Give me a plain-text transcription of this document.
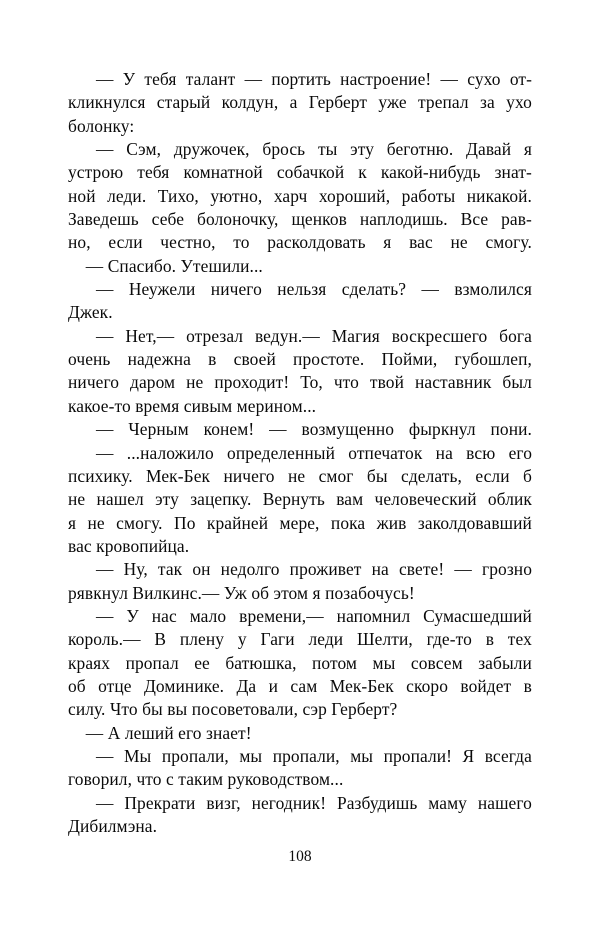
— У тебя талант — портить настроение! — сухо от-
кликнулся старый колдун, а Герберт уже трепал за ухо
болонку:
— Сэм, дружочек, брось ты эту беготню. Давай я
устрою тебя комнатной собачкой к какой-нибудь знат-
ной леди. Тихо, уютно, харч хороший, работы никакой.
Заведешь себе болоночку, щенков наплодишь. Все рав-
но, если честно, то расколдовать я вас не смогу.
— Спасибо. Утешили...
— Неужели ничего нельзя сделать? — взмолился
Джек.
— Нет,— отрезал ведун.— Магия воскресшего бога
очень надежна в своей простоте. Пойми, губошлеп,
ничего даром не проходит! То, что твой наставник был
какое-то время сивым мерином...
— Черным конем! — возмущенно фыркнул пони.
— ...наложило определенный отпечаток на всю его
психику. Мек-Бек ничего не смог бы сделать, если б
не нашел эту зацепку. Вернуть вам человеческий облик
я не смогу. По крайней мере, пока жив заколдовавший
вас кровопийца.
— Ну, так он недолго проживет на свете! — грозно
рявкнул Вилкинс.— Уж об этом я позабочусь!
— У нас мало времени,— напомнил Сумасшедший
король.— В плену у Гаги леди Шелти, где-то в тех
краях пропал ее батюшка, потом мы совсем забыли
об отце Доминике. Да и сам Мек-Бек скоро войдет в
силу. Что бы вы посоветовали, сэр Герберт?
— А леший его знает!
— Мы пропали, мы пропали, мы пропали! Я всегда
говорил, что с таким руководством...
— Прекрати визг, негодник! Разбудишь маму нашего
Дибилмэна.
108
